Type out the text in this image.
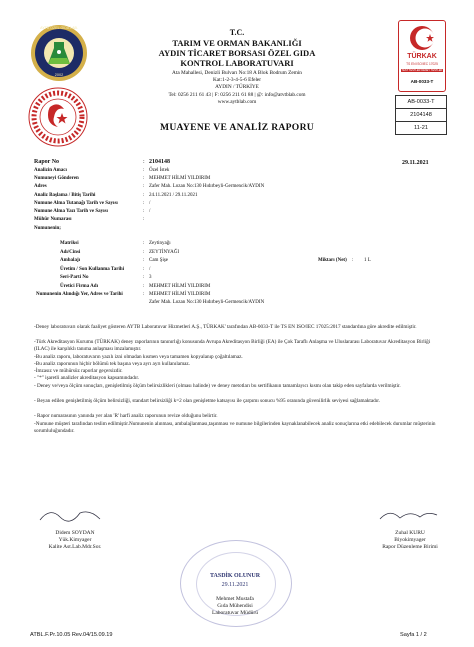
AYTB ÖZEL GIDA LAB.
2002
TÜRKAK
TS EN ISO/IEC 17025
TEST TESTLER DENEY TESTLER
AB-0033-T
AB-0033-T
2104148
11-21
T.C.
TARIM VE ORMAN BAKANLIĞI
AYDIN TİCARET BORSASI ÖZEL GIDA
KONTROL LABORATUVARI
Ata Mahallesi, Denizli Bulvarı No:18 A Blok Bodrum Zemin
Kat:1-2-3-4-5-6 Efeler
AYDIN / TÜRKİYE
Tel: 0256 211 61 43 | F: 0256 211 61 88 | @: info@atvtblab.com
www.aytblab.com
MUAYENE VE ANALİZ RAPORU
29.11.2021
Rapor No	: 2104148
Analizin Amacı	: Özel İstek
Numuneyi Gönderen	: MEHMET HİLMİ YILDIRIM
Adres	: Zafer Mah. Lozan No:130 Hıdırbeyli-Germencik/AYDIN
Analiz Başlama / Bitiş Tarihi	: 24.11.2021 / 29.11.2021
Numune Alma Tutanağı Tarih ve Sayısı	: /
Numune Alma Yazı Tarih ve Sayısı	: /
Mühür Numarası	:
Numunenin;
Matriksi	: Zeytinyağı
Adı/Cinsi	: ZEYTİNYAĞI
Ambalajı	: Cam Şişe	Miktarı (Net) : 1 L
Üretim / Son Kullanma Tarihi	: /
Seri-Parti No	: 3
Üretici Firma Adı	: MEHMET HİLMİ YILDIRIM
Numunenin Alındığı Yer, Adres ve Tarihi	: MEHMET HİLMİ YILDIRIM
Zafer Mah. Lozan No:130 Hıdırbeyli-Germencik/AYDIN
-Deney laboratuvarı olarak faaliyet gösteren AYTB Laboratuvar Hizmetleri A.Ş., TÜRKAK' tarafından AB-0033-T ile TS EN ISO/IEC 17025:2017 standardına göre akredite edilmiştir.
-Türk Akreditasyon Kurumu (TÜRKAK) deney raporlarının tanınırlığı konusunda Avrupa Akreditasyon Birliği (EA) ile Çok Taraflı Anlaşma ve Uluslararası Laboratuvar Akreditasyon Birliği (ILAC) ile karşılıklı tanıma anlaşması imzalamıştır.
-Bu analiz raporu, laboratuvarın yazılı izni olmadan kısmen veya tamamen kopyalanıp çoğaltılamaz.
-Bu analiz raporunun hiçbir bölümü tek başına veya ayrı ayrı kullanılamaz.
-İmzasız ve mühürsüz raporlar geçersizdir.
- "*" işaretli analizler akreditasyon kapsamındadır.
- Deney ve/veya ölçüm sonuçları, genişletilmiş ölçüm belirsizlikleri (olması halinde) ve deney metotları bu sertifikanın tamamlayıcı kısmı olan takip eden sayfalarda verilmiştir.
- Beyan edilen genişletilmiş ölçüm belirsizliği, standart belirsizliği k=2 olan genişletme katsayısı ile çarpımı sonucu %95 oranında güvenilirlik seviyesi sağlamaktadır.
- Rapor numarasının yanında yer alan 'R' harfi analiz raporunun revize olduğunu belirtir.
-Numune müşteri tarafından teslim edilmiştir.Numunenin alınması, ambalajlanması,taşınması ve numune bilgilerinden kaynaklanabilecek analiz sonuçlarına etki edebilecek durumlar müşterinin sorumluluğundadır.
Didem SOYDAN
Yük.Kimyager
Kalite Ast.Lab.Mdr.Sor.
Zuhal KURU
Biyokimyager
Rapor Düzenleme Birimi
TASDİK OLUNUR
29.11.2021
Mehmet Mustafa
Gıda Mühendisi
Laboratuvar Müdürü
ATBL.F.Pr.10.05 Rev.04/15.09.19	Sayfa 1 / 2
